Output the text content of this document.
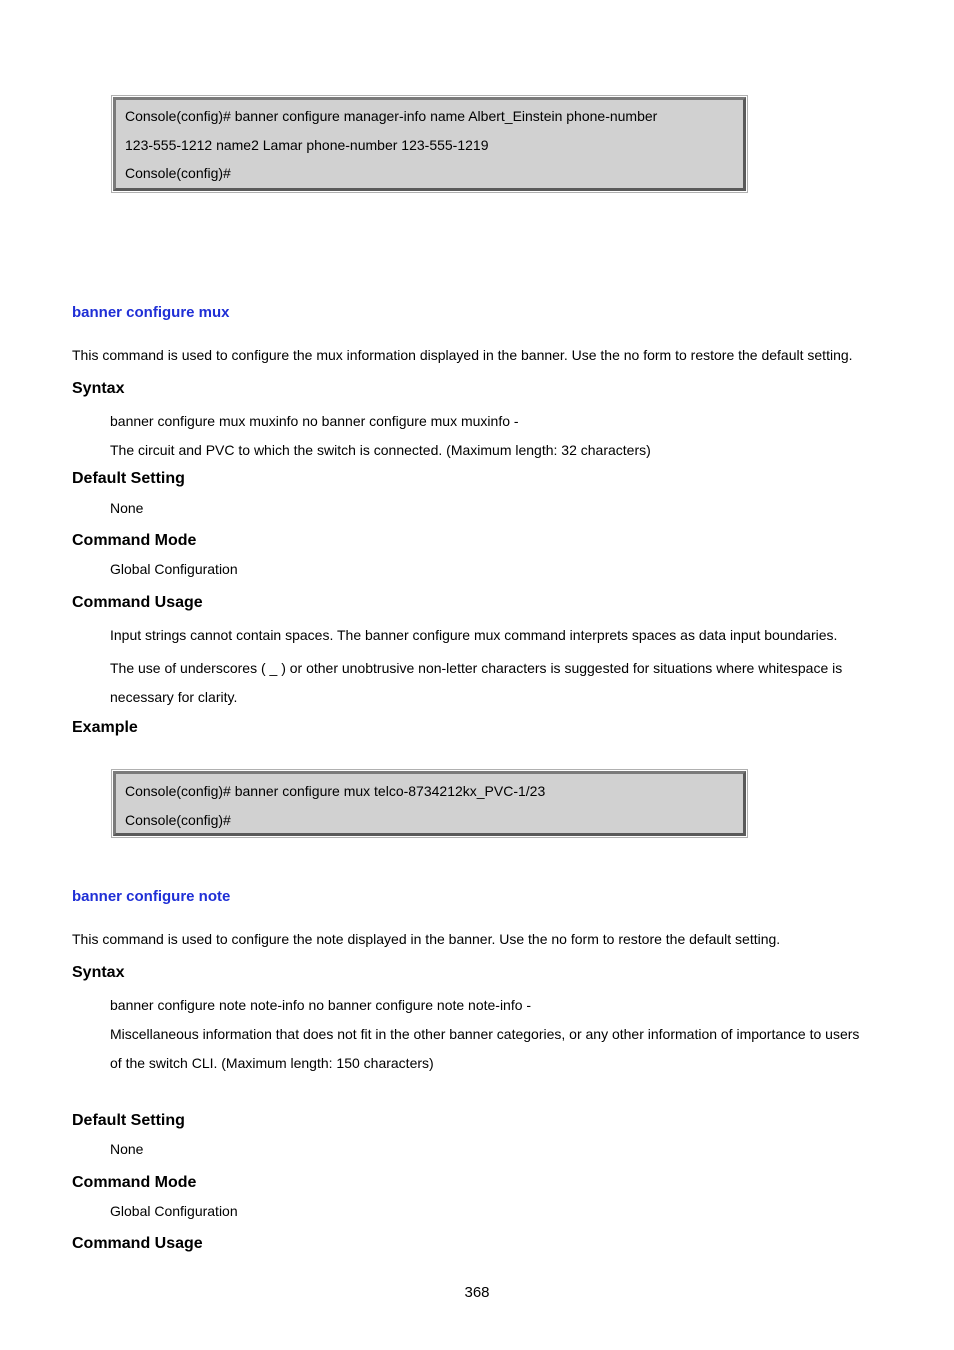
Console(config)# banner configure manager-info name Albert_Einstein phone-number
123-555-1212 name2 Lamar phone-number 123-555-1219
Console(config)#
banner configure mux
This command is used to configure the mux information displayed in the banner. Use the no form to restore the default setting.
Syntax
banner configure mux muxinfo no banner configure mux muxinfo -
The circuit and PVC to which the switch is connected. (Maximum length: 32 characters)
Default Setting
None
Command Mode
Global Configuration
Command Usage
Input strings cannot contain spaces. The banner configure mux command interprets spaces as data input boundaries.
The use of underscores ( _ ) or other unobtrusive non-letter characters is suggested for situations where whitespace is
necessary for clarity.
Example
Console(config)# banner configure mux telco-8734212kx_PVC-1/23
Console(config)#
banner configure note
This command is used to configure the note displayed in the banner. Use the no form to restore the default setting.
Syntax
banner configure note note-info no banner configure note note-info -
Miscellaneous information that does not fit in the other banner categories, or any other information of importance to users
of the switch CLI. (Maximum length: 150 characters)
Default Setting
None
Command Mode
Global Configuration
Command Usage
368
